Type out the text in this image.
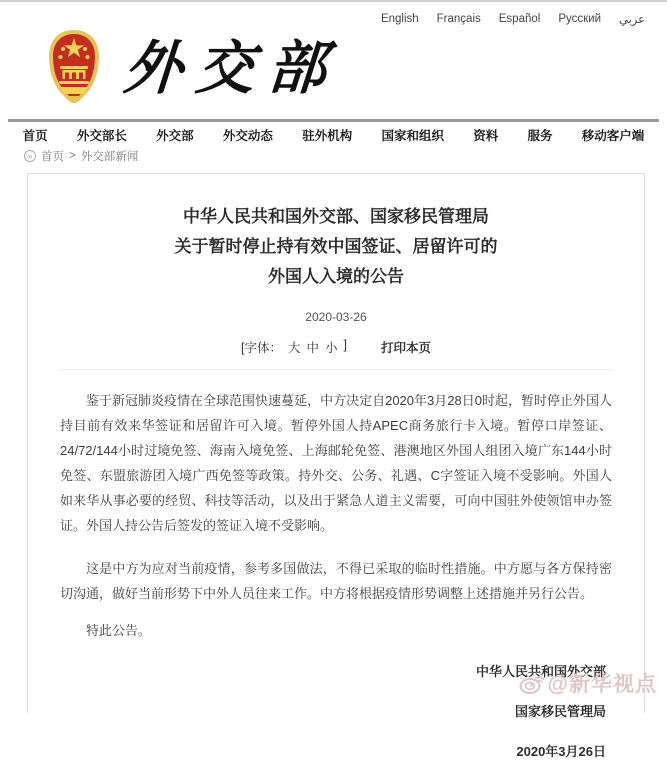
English Français Español Русский عربي
外交部
首页 外交部长 外交部 外交动态 驻外机构 国家和组织 资料 服务 移动客户端
» 首页 > 外交部新闻
中华人民共和国外交部、国家移民管理局
关于暂时停止持有效中国签证、居留许可的
外国人入境的公告
2020-03-26
[字体： 大 中 小 ]	打印本页

鉴于新冠肺炎疫情在全球范围快速蔓延，中方决定自2020年3月28日0时起，暂时停止外国人持目前有效来华签证和居留许可入境。暂停外国人持APEC商务旅行卡入境。暂停口岸签证、24/72/144小时过境免签、海南入境免签、上海邮轮免签、港澳地区外国人组团入境广东144小时免签、东盟旅游团入境广西免签等政策。持外交、公务、礼遇、C字签证入境不受影响。外国人如来华从事必要的经贸、科技等活动，以及出于紧急人道主义需要，可向中国驻外使领馆申办签证。外国人持公告后签发的签证入境不受影响。

这是中方为应对当前疫情，参考多国做法，不得已采取的临时性措施。中方愿与各方保持密切沟通，做好当前形势下中外人员往来工作。中方将根据疫情形势调整上述措施并另行公告。

特此公告。
中华人民共和国外交部
国家移民管理局
2020年3月26日
@新华视点
